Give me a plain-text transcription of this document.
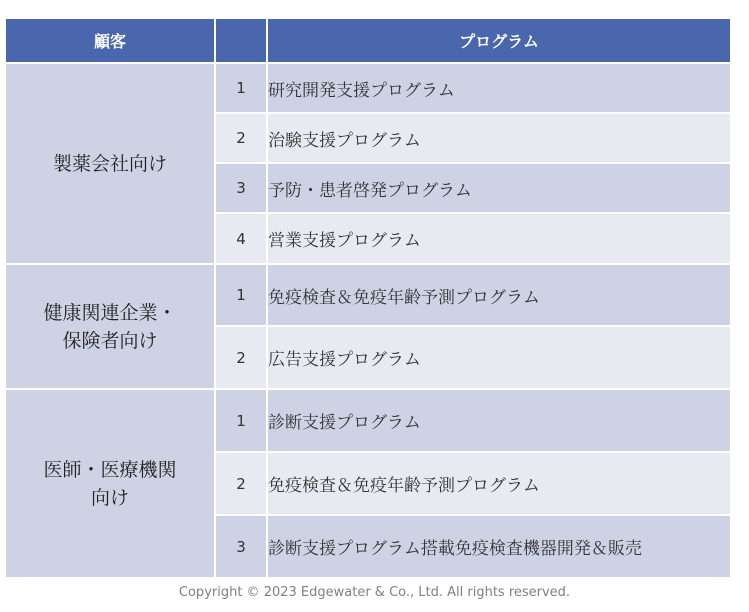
顧客		プログラム
製薬会社向け	1	研究開発支援プログラム
	2	治験支援プログラム
	3	予防・患者啓発プログラム
	4	営業支援プログラム
健康関連企業・
保険者向け	1	免疫検査＆免疫年齢予測プログラム
	2	広告支援プログラム
医師・医療機関
向け	1	診断支援プログラム
	2	免疫検査＆免疫年齢予測プログラム
	3	診断支援プログラム搭載免疫検査機器開発＆販売
Copyright © 2023 Edgewater & Co., Ltd. All rights reserved.
